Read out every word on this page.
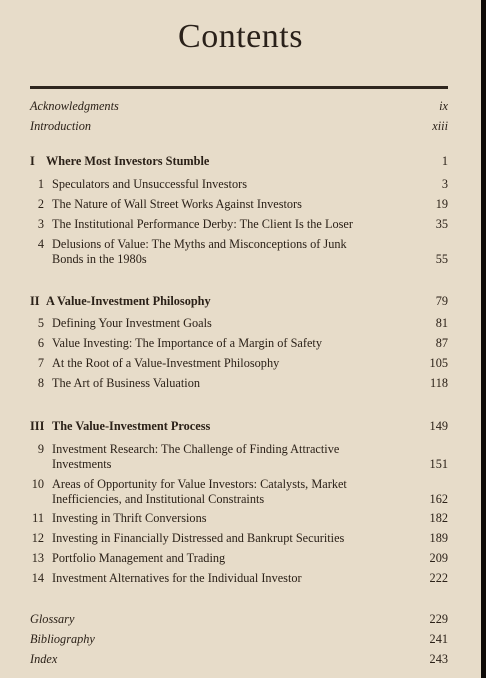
Contents
Acknowledgments	ix
Introduction	xiii
I Where Most Investors Stumble	1
1 Speculators and Unsuccessful Investors	3
2 The Nature of Wall Street Works Against Investors	19
3 The Institutional Performance Derby: The Client Is the Loser	35
4 Delusions of Value: The Myths and Misconceptions of Junk
Bonds in the 1980s	55
II A Value-Investment Philosophy	79
5 Defining Your Investment Goals	81
6 Value Investing: The Importance of a Margin of Safety	87
7 At the Root of a Value-Investment Philosophy	105
8 The Art of Business Valuation	118
III The Value-Investment Process	149
9 Investment Research: The Challenge of Finding Attractive
Investments	151
10 Areas of Opportunity for Value Investors: Catalysts, Market
Inefficiencies, and Institutional Constraints	162
11 Investing in Thrift Conversions	182
12 Investing in Financially Distressed and Bankrupt Securities	189
13 Portfolio Management and Trading	209
14 Investment Alternatives for the Individual Investor	222
Glossary	229
Bibliography	241
Index	243
